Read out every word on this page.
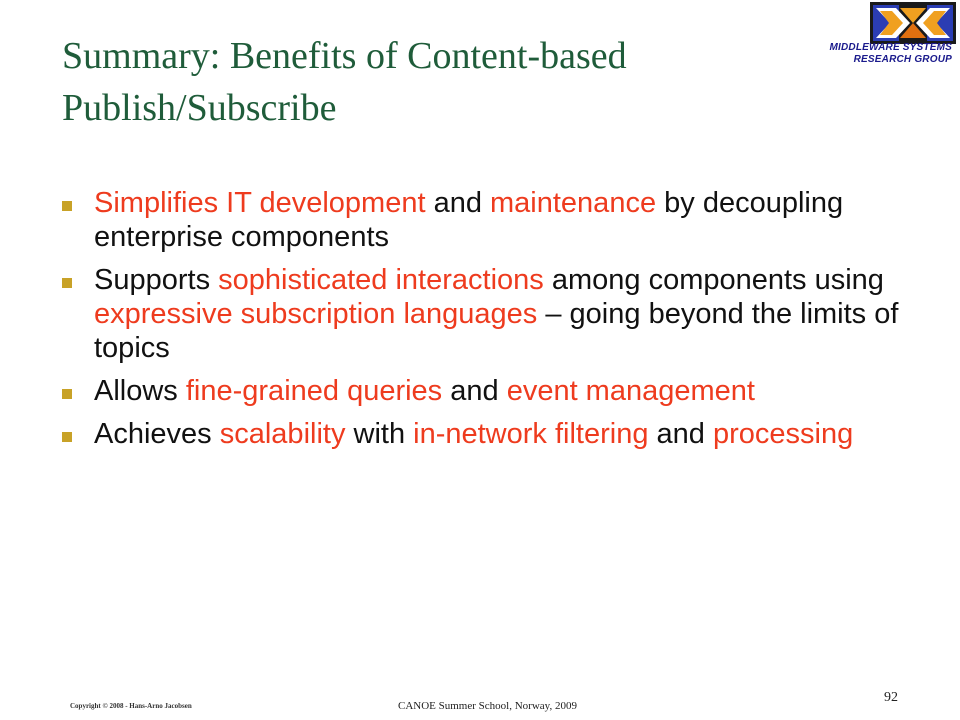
Summary: Benefits of Content-based
Publish/Subscribe
MIDDLEWARE SYSTEMS
RESEARCH GROUP
Simplifies IT development and maintenance by decoupling enterprise components
Supports sophisticated interactions among components using expressive subscription languages – going beyond the limits of topics
Allows fine-grained queries and event management
Achieves scalability with in-network filtering and processing
Copyright © 2008 - Hans-Arno Jacobsen	CANOE Summer School, Norway, 2009
92
